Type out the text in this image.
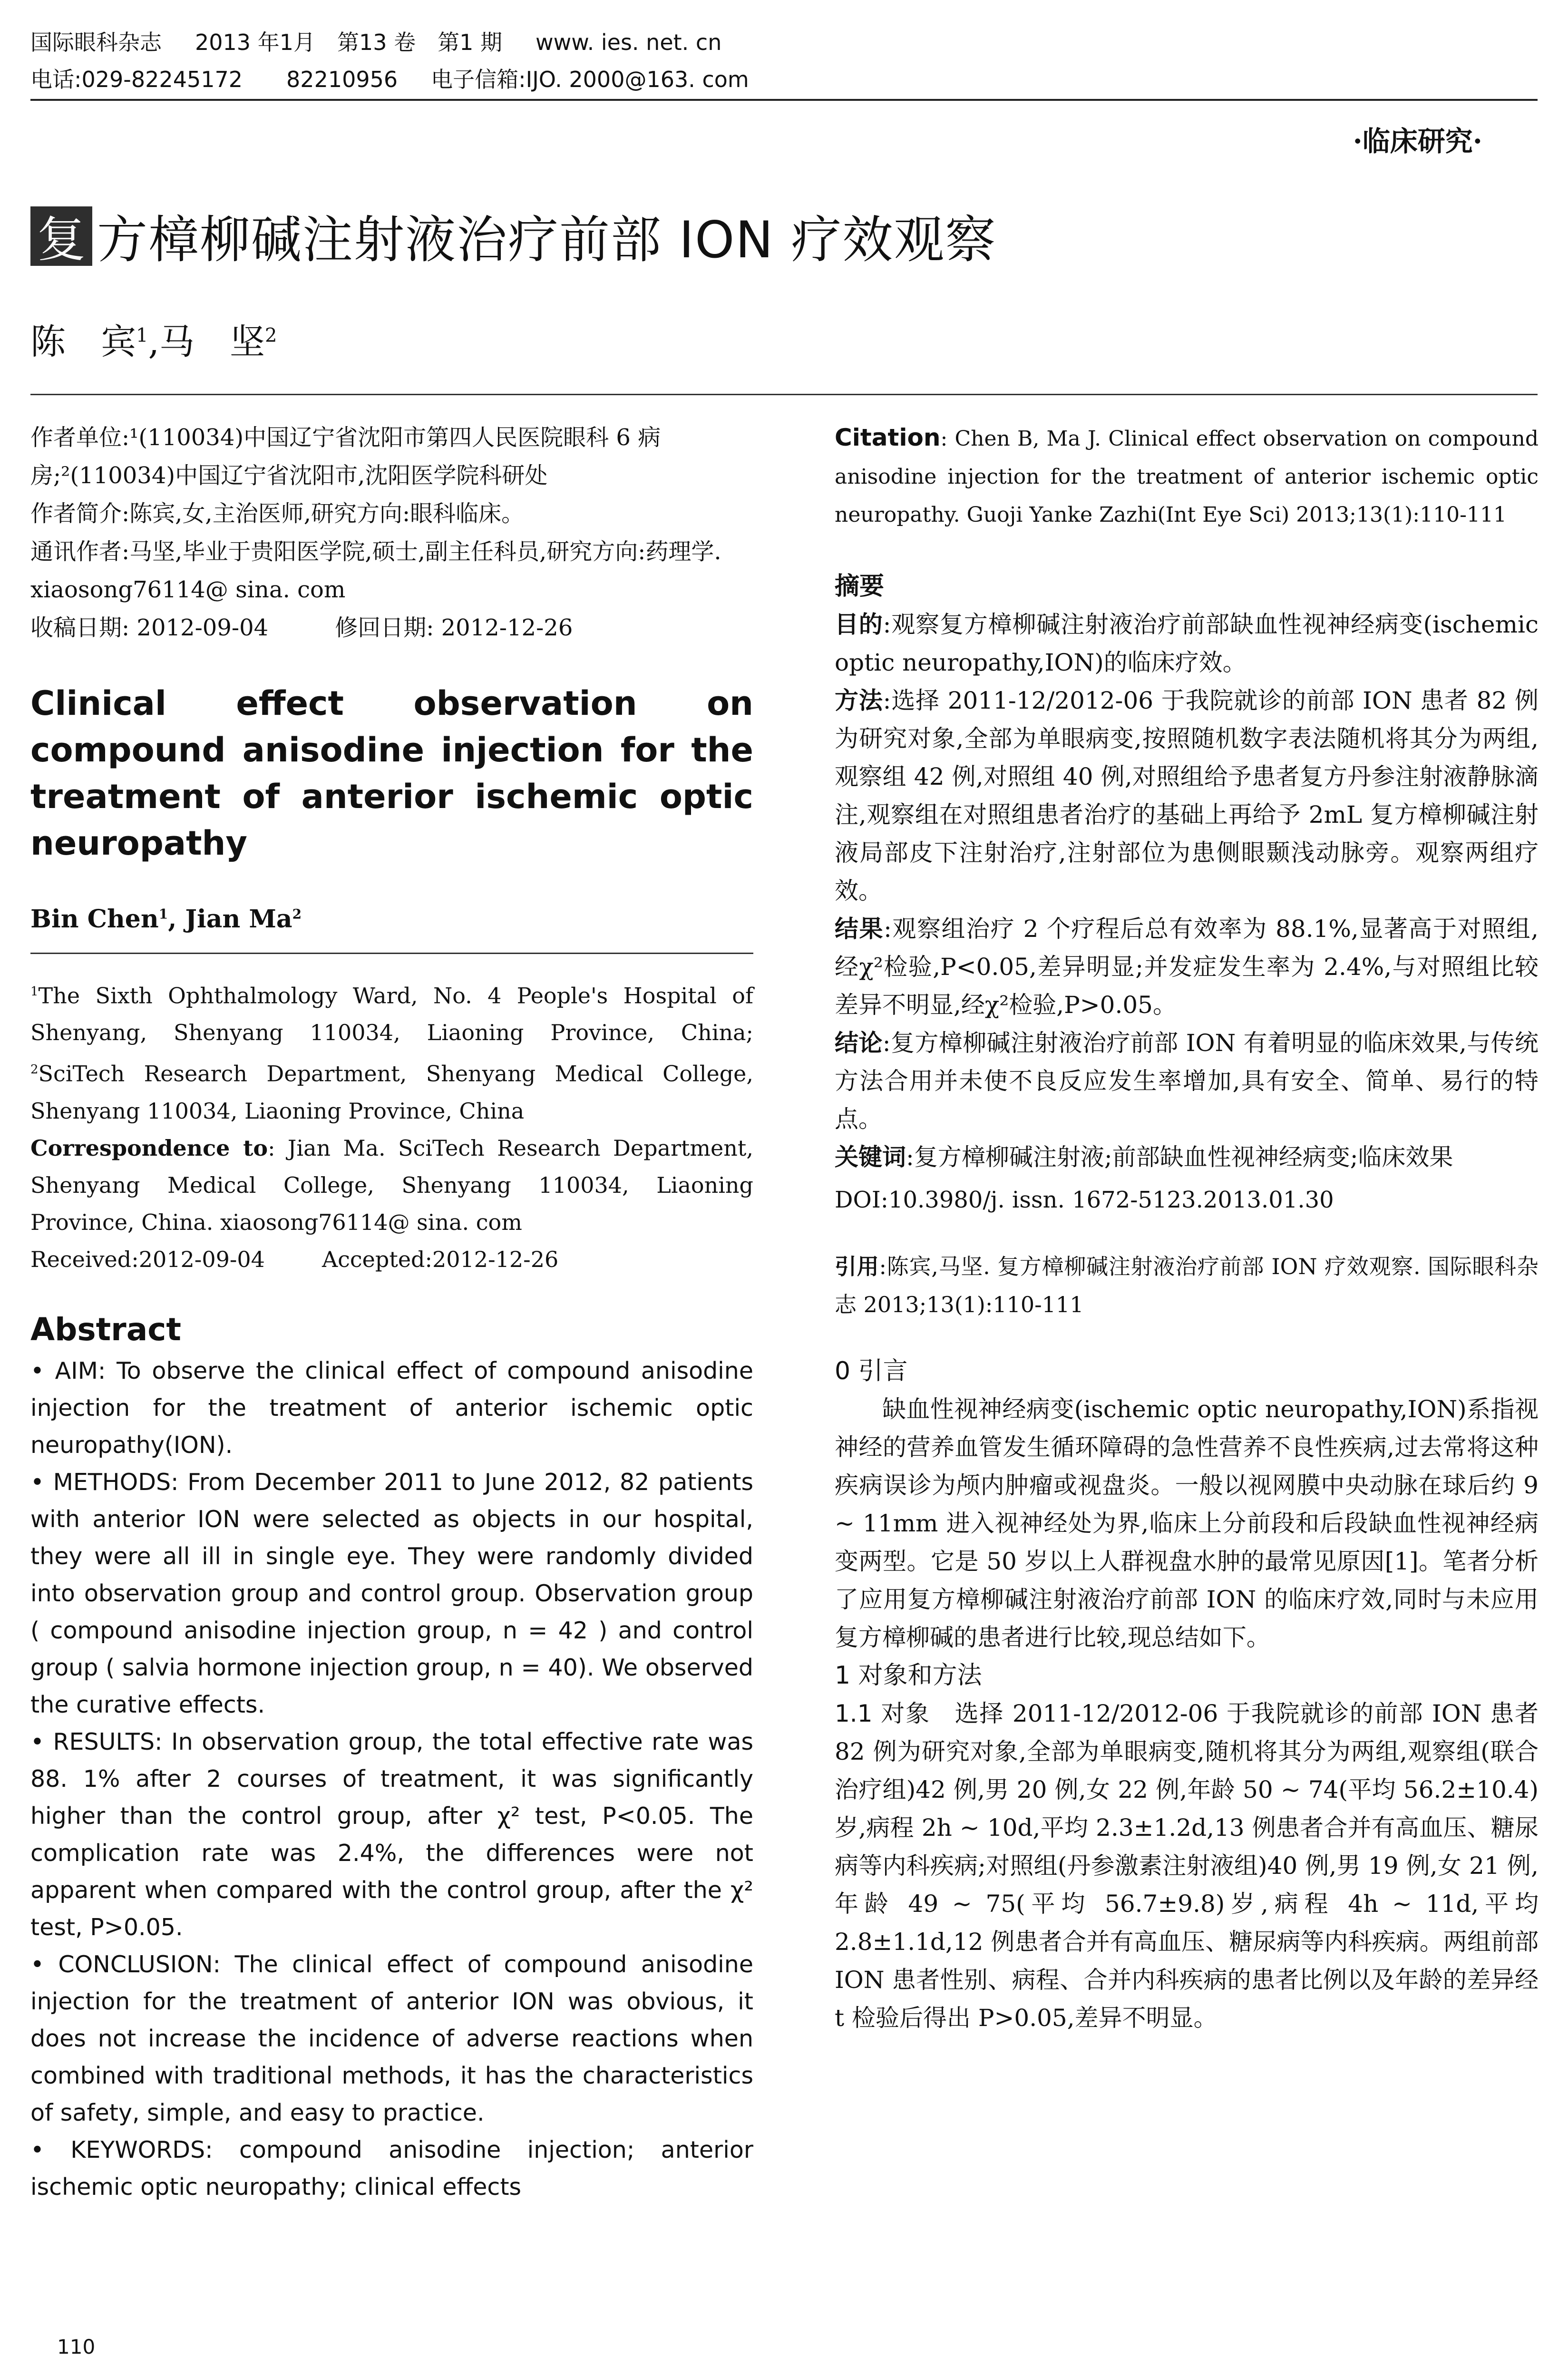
国际眼科杂志 2013 年1月　第13 卷　第1 期 www. ies. net. cn
电话:029-82245172　　82210956 电子信箱:IJO. 2000@163. com
·临床研究·
复 方樟柳碱注射液治疗前部 ION 疗效观察
陈　宾$^1$,马　坚$^2$

作者单位:¹(110034)中国辽宁省沈阳市第四人民医院眼科 6 病房;²(110034)中国辽宁省沈阳市,沈阳医学院科研处

作者简介:陈宾,女,主治医师,研究方向:眼科临床。

通讯作者:马坚,毕业于贵阳医学院,硕士,副主任科员,研究方向:药理学. xiaosong76114@ sina. com

收稿日期: 2012-09-04	修回日期: 2012-12-26

Clinical effect observation on compound anisodine injection for the treatment of anterior ischemic optic neuropathy

Bin Chen$^1$, Jian Ma$^2$

$^1$The Sixth Ophthalmology Ward, No. 4 People's Hospital of Shenyang, Shenyang 110034, Liaoning Province, China; $^2$SciTech Research Department, Shenyang Medical College, Shenyang 110034, Liaoning Province, China

Correspondence to: Jian Ma. SciTech Research Department, Shenyang Medical College, Shenyang 110034, Liaoning Province, China. xiaosong76114@ sina. com

Received:2012-09-04	Accepted:2012-12-26
Abstract

• AIM: To observe the clinical effect of compound anisodine injection for the treatment of anterior ischemic optic neuropathy(ION).

• METHODS: From December 2011 to June 2012, 82 patients with anterior ION were selected as objects in our hospital, they were all ill in single eye. They were randomly divided into observation group and control group. Observation group ( compound anisodine injection group, n = 42 ) and control group ( salvia hormone injection group, n = 40). We observed the curative effects.

• RESULTS: In observation group, the total effective rate was 88. 1% after 2 courses of treatment, it was significantly higher than the control group, after χ² test, P<0.05. The complication rate was 2.4%, the differences were not apparent when compared with the control group, after the χ² test, P>0.05.

• CONCLUSION: The clinical effect of compound anisodine injection for the treatment of anterior ION was obvious, it does not increase the incidence of adverse reactions when combined with traditional methods, it has the characteristics of safety, simple, and easy to practice.

• KEYWORDS: compound anisodine injection; anterior ischemic optic neuropathy; clinical effects

Citation: Chen B, Ma J. Clinical effect observation on compound anisodine injection for the treatment of anterior ischemic optic neuropathy. Guoji Yanke Zazhi(Int Eye Sci) 2013;13(1):110-111

摘要

目的:观察复方樟柳碱注射液治疗前部缺血性视神经病变(ischemic optic neuropathy,ION)的临床疗效。

方法:选择 2011-12/2012-06 于我院就诊的前部 ION 患者 82 例为研究对象,全部为单眼病变,按照随机数字表法随机将其分为两组,观察组 42 例,对照组 40 例,对照组给予患者复方丹参注射液静脉滴注,观察组在对照组患者治疗的基础上再给予 2mL 复方樟柳碱注射液局部皮下注射治疗,注射部位为患侧眼颞浅动脉旁。观察两组疗效。

结果:观察组治疗 2 个疗程后总有效率为 88.1%,显著高于对照组,经χ²检验,P<0.05,差异明显;并发症发生率为 2.4%,与对照组比较差异不明显,经χ²检验,P>0.05。

结论:复方樟柳碱注射液治疗前部 ION 有着明显的临床效果,与传统方法合用并未使不良反应发生率增加,具有安全、简单、易行的特点。

关键词:复方樟柳碱注射液;前部缺血性视神经病变;临床效果

DOI:10.3980/j. issn. 1672-5123.2013.01.30

引用:陈宾,马坚. 复方樟柳碱注射液治疗前部 ION 疗效观察. 国际眼科杂志 2013;13(1):110-111

0 引言

缺血性视神经病变(ischemic optic neuropathy,ION)系指视神经的营养血管发生循环障碍的急性营养不良性疾病,过去常将这种疾病误诊为颅内肿瘤或视盘炎。一般以视网膜中央动脉在球后约 9 ~ 11mm 进入视神经处为界,临床上分前段和后段缺血性视神经病变两型。它是 50 岁以上人群视盘水肿的最常见原因[1]。笔者分析了应用复方樟柳碱注射液治疗前部 ION 的临床疗效,同时与未应用复方樟柳碱的患者进行比较,现总结如下。

1 对象和方法

1.1 对象　选择 2011-12/2012-06 于我院就诊的前部 ION 患者 82 例为研究对象,全部为单眼病变,随机将其分为两组,观察组(联合治疗组)42 例,男 20 例,女 22 例,年龄 50 ~ 74(平均 56.2±10.4)岁,病程 2h ~ 10d,平均 2.3±1.2d,13 例患者合并有高血压、糖尿病等内科疾病;对照组(丹参激素注射液组)40 例,男 19 例,女 21 例,年龄 49 ~ 75(平均 56.7±9.8)岁,病程 4h ~ 11d,平均 2.8±1.1d,12 例患者合并有高血压、糖尿病等内科疾病。两组前部 ION 患者性别、病程、合并内科疾病的患者比例以及年龄的差异经 t 检验后得出 P>0.05,差异不明显。

110
